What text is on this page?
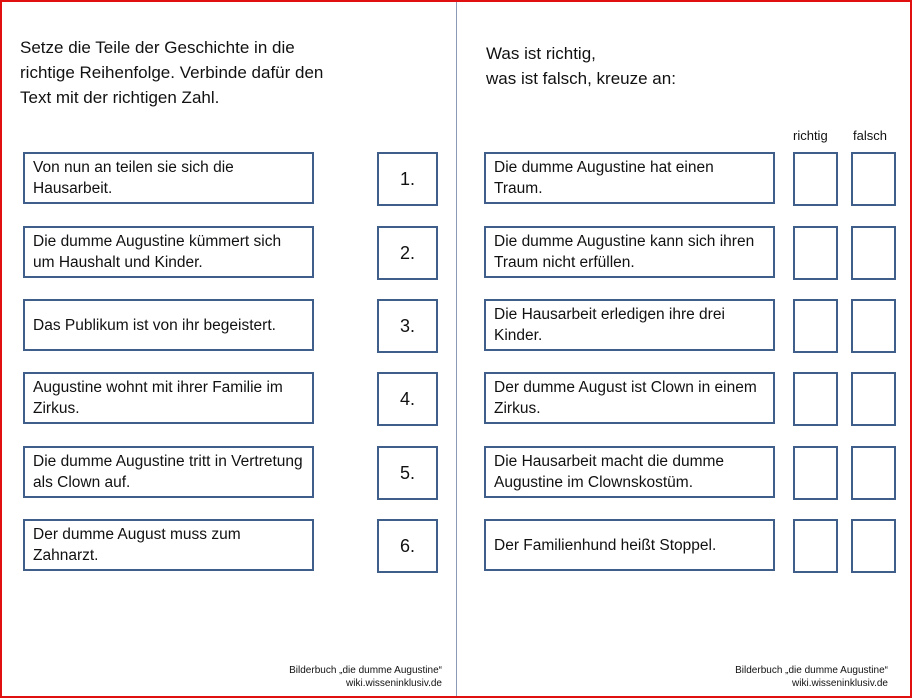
Setze die Teile der Geschichte in die
richtige Reihenfolge. Verbinde dafür den
Text mit der richtigen Zahl.
Von nun an teilen sie sich die Hausarbeit.	1.
Die dumme Augustine kümmert sich um Haushalt und Kinder.	2.
Das Publikum ist von ihr begeistert.	3.
Augustine wohnt mit ihrer Familie im Zirkus.	4.
Die dumme Augustine tritt in Vertretung als Clown auf.	5.
Der dumme August muss zum Zahnarzt.	6.
Bilderbuch „die dumme Augustine“
wiki.wisseninklusiv.de
Was ist richtig,
was ist falsch, kreuze an:
richtig falsch
Die dumme Augustine hat einen Traum.
Die dumme Augustine kann sich ihren Traum nicht erfüllen.
Die Hausarbeit erledigen ihre drei Kinder.
Der dumme August ist Clown in einem Zirkus.
Die Hausarbeit macht die dumme Augustine im Clownskostüm.
Der Familienhund heißt Stoppel.
Bilderbuch „die dumme Augustine“
wiki.wisseninklusiv.de
